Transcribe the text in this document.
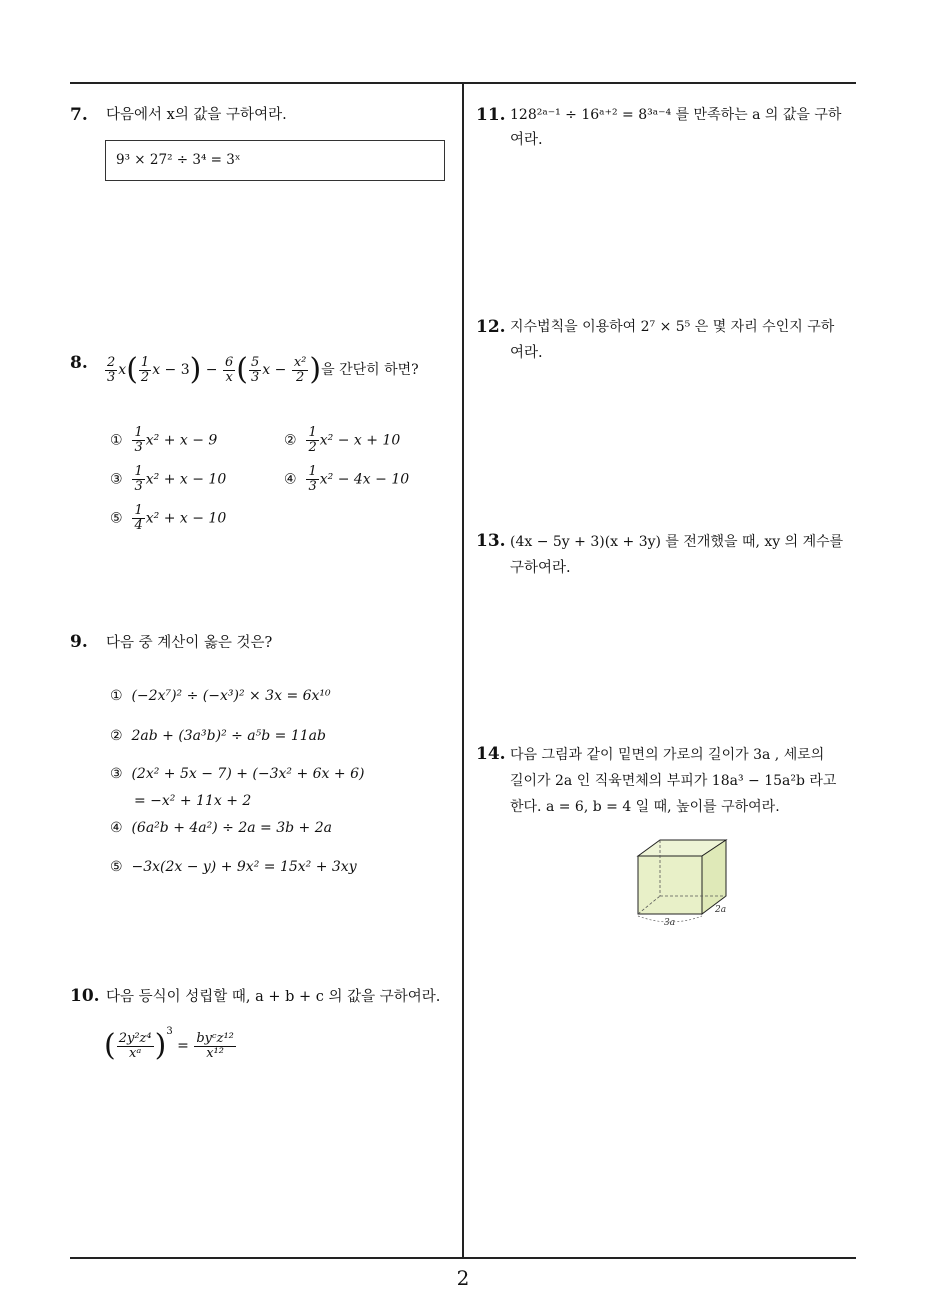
7. 다음에서 x의 값을 구하여라.
9³ × 27² ÷ 3⁴ = 3ˣ
8. $\frac{2}{3} x( \frac{1}{2}$ $x - 3) - \frac{6}{x}$ ( $\frac{5}{3}$ $x - \frac{\text{x²}}{2}$ )을 간단히 하면?
① $\frac{1}{3} x^2 + x - 9$	② $\frac{1}{2} x^2 - x + 10$
③ $\frac{1}{3} x^2 + x - 10$	④ $\frac{1}{3} x^2 - 4x - 10$
⑤ $\frac{1}{4} x^2 + x - 10$
9. 다음 중 계산이 옳은 것은?
① (−2x⁷)² ÷ (−x³)² × 3x = 6x¹⁰
② 2ab + (3a³b)² ÷ a⁵b = 11ab
③ (2x² + 5x − 7) + (−3x² + 6x + 6)
= −x² + 11x + 2
④ (6a²b + 4a²) ÷ 2a = 3b + 2a
⑤ −3x(2x − y) + 9x² = 15x² + 3xy
10. 다음 등식이 성립할 때, a + b + c 의 값을 구하여라.
( $\frac{\text{2y²z⁴}}{\text{xᵃ}} )^3 = \frac{\text{byᶜz¹²}}{\text{x¹²}}$
11. 128²ᵃ⁻¹ ÷ 16ᵃ⁺² = 8³ᵃ⁻⁴ 를 만족하는 a 의 값을 구하
여라.
12. 지수법칙을 이용하여 2⁷ × 5⁵ 은 몇 자리 수인지 구하
여라.
13. (4x − 5y + 3)(x + 3y) 를 전개했을 때, xy 의 계수를
구하여라.
14. 다음 그림과 같이 밑면의 가로의 길이가 3a , 세로의
길이가 2a 인 직육면체의 부피가 18a³ − 15a²b 라고
한다. a = 6, b = 4 일 때, 높이를 구하여라.
3a
2a
2
